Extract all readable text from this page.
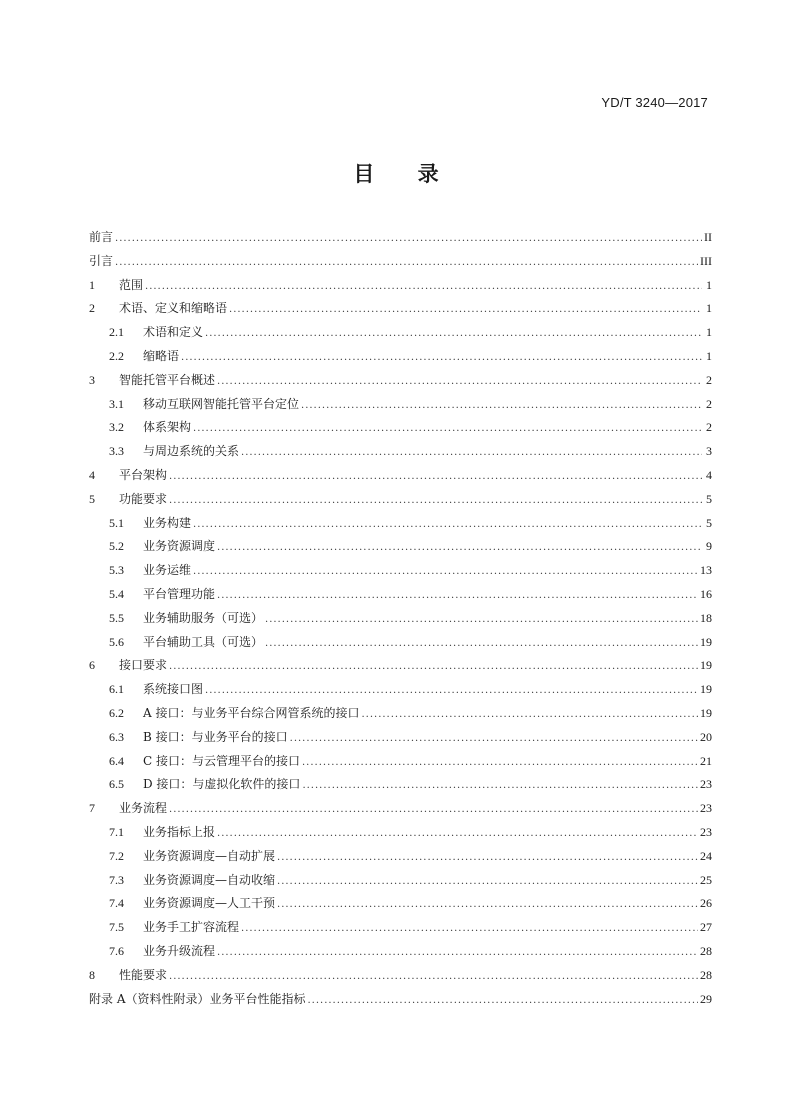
YD/T 3240—2017
目 录
前言 .....	II
引言 .....	III
1	范围 .....	1
2	术语、定义和缩略语 .....	1
2.1	术语和定义 .....	1
2.2	缩略语 .....	1
3	智能托管平台概述 .....	2
3.1	移动互联网智能托管平台定位 .....	2
3.2	体系架构 .....	2
3.3	与周边系统的关系 .....	3
4	平台架构 .....	4
5	功能要求 .....	5
5.1	业务构建 .....	5
5.2	业务资源调度 .....	9
5.3	业务运维 .....	13
5.4	平台管理功能 .....	16
5.5	业务辅助服务（可选） .....	18
5.6	平台辅助工具（可选） .....	19
6	接口要求 .....	19
6.1	系统接口图 .....	19
6.2	A 接口：与业务平台综合网管系统的接口 .....	19
6.3	B 接口：与业务平台的接口 .....	20
6.4	C 接口：与云管理平台的接口 .....	21
6.5	D 接口：与虚拟化软件的接口 .....	23
7	业务流程 .....	23
7.1	业务指标上报 .....	23
7.2	业务资源调度—自动扩展 .....	24
7.3	业务资源调度—自动收缩 .....	25
7.4	业务资源调度—人工干预 .....	26
7.5	业务手工扩容流程 .....	27
7.6	业务升级流程 .....	28
8	性能要求 .....	28
附录 A（资料性附录）业务平台性能指标 .....	29
